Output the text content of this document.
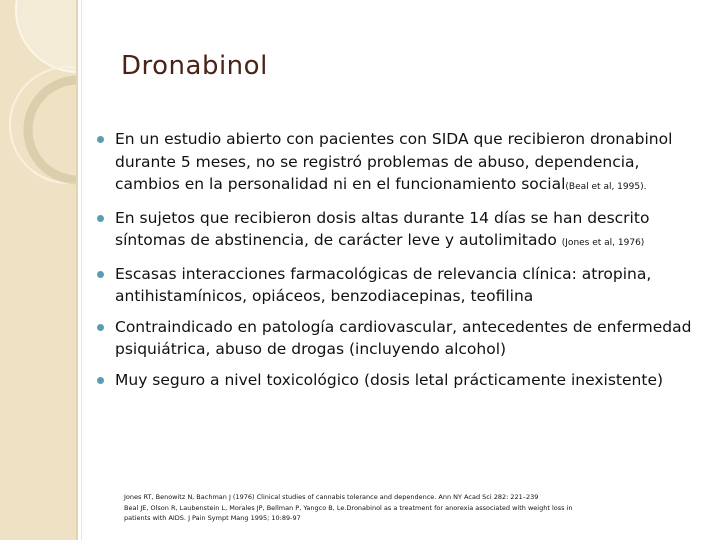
Dronabinol
En un estudio abierto con pacientes con SIDA que recibieron dronabinol durante 5 meses, no se registró problemas de abuso, dependencia, cambios en la personalidad ni en el funcionamiento social(Beal et al, 1995).
En sujetos que recibieron dosis altas durante 14 días se han descrito síntomas de abstinencia, de carácter leve y autolimitado (Jones et al, 1976)
Escasas interacciones farmacológicas de relevancia clínica: atropina, antihistamínicos, opiáceos, benzodiacepinas, teofilina
Contraindicado en patología cardiovascular, antecedentes de enfermedad psiquiátrica, abuso de drogas (incluyendo alcohol)
Muy seguro a nivel toxicológico (dosis letal prácticamente inexistente)
Jones RT, Benowitz N, Bachman J (1976) Clinical studies of cannabis tolerance and dependence. Ann NY Acad Sci 282: 221–239
Beal JE, Olson R, Laubenstein L, Morales JP, Bellman P, Yangco B, Le.Dronabinol as a treatment for anorexia associated with weight loss in patients with AIDS. J Pain Sympt Mang 1995; 10:89-97
